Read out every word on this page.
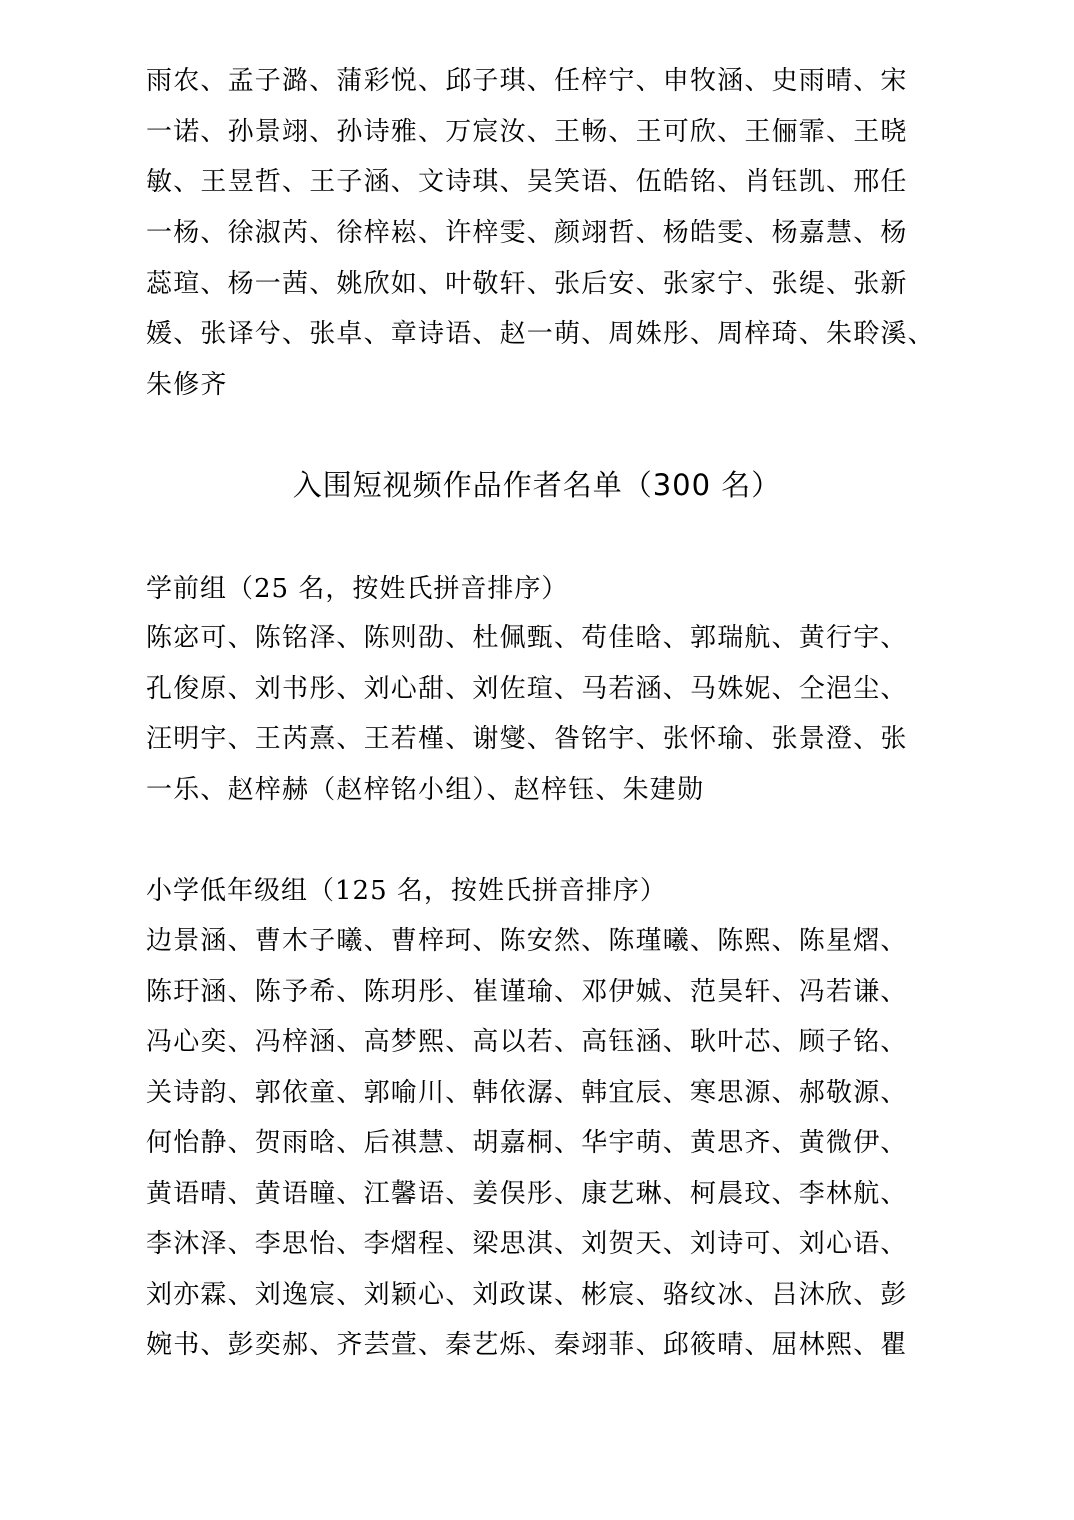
雨农、孟子潞、蒲彩悦、邱子琪、任梓宁、申牧涵、史雨晴、宋
一诺、孙景翊、孙诗雅、万宸汝、王畅、王可欣、王俪霏、王晓
敏、王昱哲、王子涵、文诗琪、吴笑语、伍皓铭、肖钰凯、邢任
一杨、徐淑芮、徐梓崧、许梓雯、颜翊哲、杨皓雯、杨嘉慧、杨
蕊瑄、杨一茜、姚欣如、叶敬轩、张后安、张家宁、张缇、张新
媛、张译兮、张卓、章诗语、赵一萌、周姝彤、周梓琦、朱聆溪、
朱修齐
入围短视频作品作者名单（300 名）
学前组（25 名，按姓氏拼音排序）
陈宓可、陈铭泽、陈则劭、杜佩甄、苟佳晗、郭瑞航、黄行宇、
孔俊原、刘书彤、刘心甜、刘佐瑄、马若涵、马姝妮、仝浥尘、
汪明宇、王芮熹、王若槿、谢燮、昝铭宇、张怀瑜、张景澄、张
一乐、赵梓赫（赵梓铭小组）、赵梓钰、朱建勋
小学低年级组（125 名，按姓氏拼音排序）
边景涵、曹木子曦、曹梓珂、陈安然、陈瑾曦、陈熙、陈星熠、
陈玗涵、陈予希、陈玥彤、崔谨瑜、邓伊娍、范昊轩、冯若谦、
冯心奕、冯梓涵、高梦熙、高以若、高钰涵、耿叶芯、顾子铭、
关诗韵、郭依童、郭喻川、韩依潺、韩宜辰、寒思源、郝敬源、
何怡静、贺雨晗、后祺慧、胡嘉桐、华宇萌、黄思齐、黄微伊、
黄语晴、黄语瞳、江馨语、姜俣彤、康艺琳、柯晨玟、李林航、
李沐泽、李思怡、李熠程、梁思淇、刘贺天、刘诗可、刘心语、
刘亦霖、刘逸宸、刘颖心、刘政谋、彬宸、骆纹冰、吕沐欣、彭
婉书、彭奕郝、齐芸萱、秦艺烁、秦翊菲、邱筱晴、屈林熙、瞿
